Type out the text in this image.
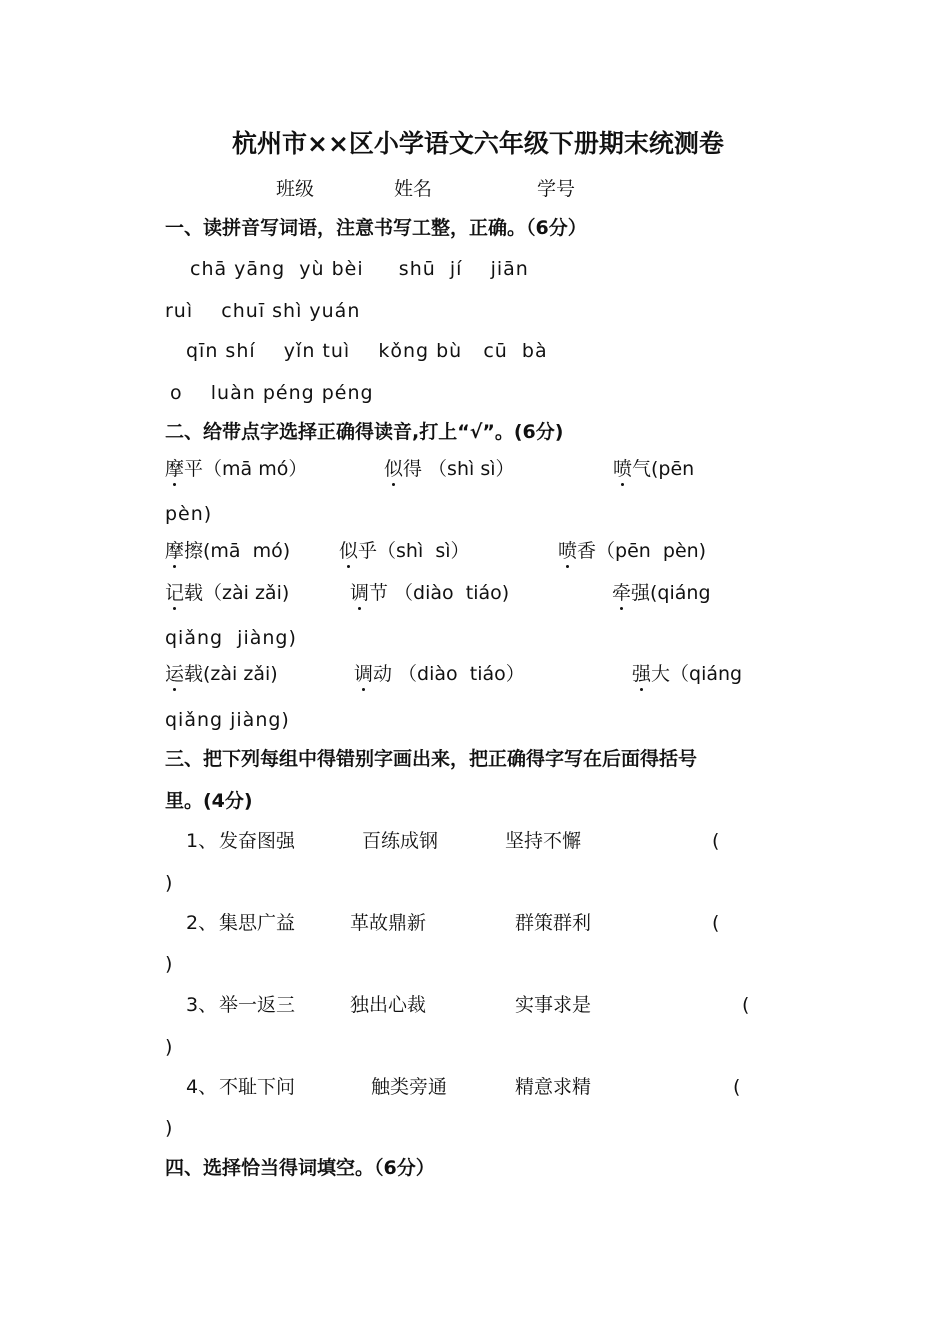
杭州市××区小学语文六年级下册期末统测卷
班级	姓名	学号
一、读拼音写词语，注意书写工整，正确。（6分）
chā yāng  yù bèi     shū  jí    jiān
ruì    chuī shì yuán
qīn shí    yǐn tuì    kǒng bù   cū  bà
o    luàn péng péng
二、给带点字选择正确得读音,打上“√”。(6分)
摩平（mā mó）	似得 （shì sì）	喷气(pēn
pèn)
摩擦(mā  mó)	似乎（shì  sì）	喷香（pēn  pèn)
记载（zài zǎi)	调节 （diào  tiáo)	牵强(qiáng
qiǎng  jiàng)
运载(zài zǎi)	调动 （diào  tiáo）	强大（qiáng
qiǎng jiàng)
三、把下列每组中得错别字画出来，把正确得字写在后面得括号
里。(4分)
1、 发奋图强	百练成钢	坚持不懈	(
)
2、 集思广益	革故鼎新	群策群利	(
)
3、 举一返三	独出心裁	实事求是	(
)
4、 不耻下问	触类旁通	精意求精	(
)
四、选择恰当得词填空。（6分）
